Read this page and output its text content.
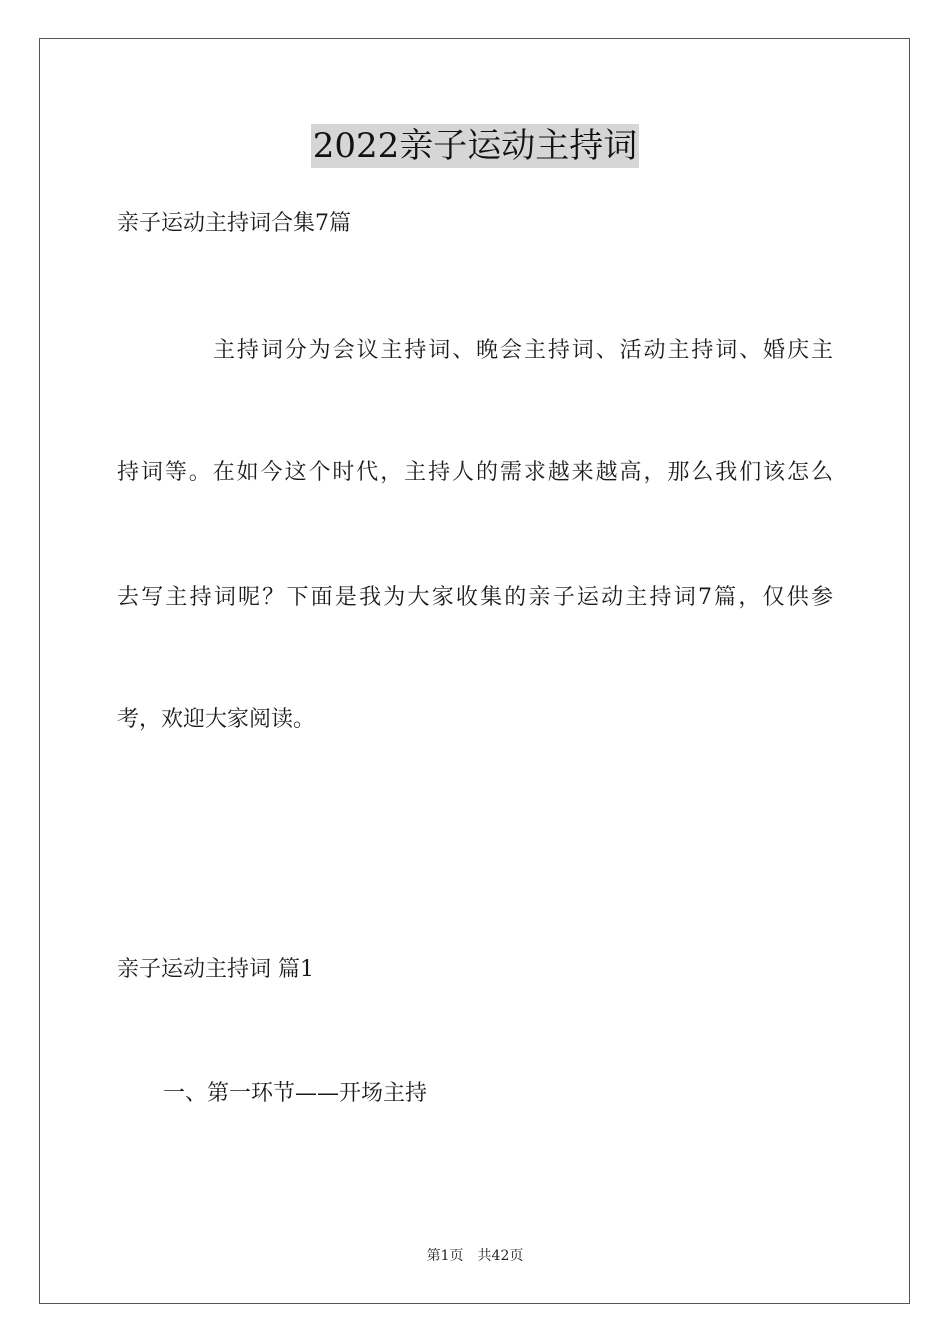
2022亲子运动主持词
亲子运动主持词合集7篇
主持词分为会议主持词、晚会主持词、活动主持词、婚庆主
持词等。在如今这个时代，主持人的需求越来越高，那么我们该怎么
去写主持词呢？下面是我为大家收集的亲子运动主持词7篇，仅供参
考，欢迎大家阅读。
亲子运动主持词 篇1
一、第一环节——开场主持
第1页 共42页
